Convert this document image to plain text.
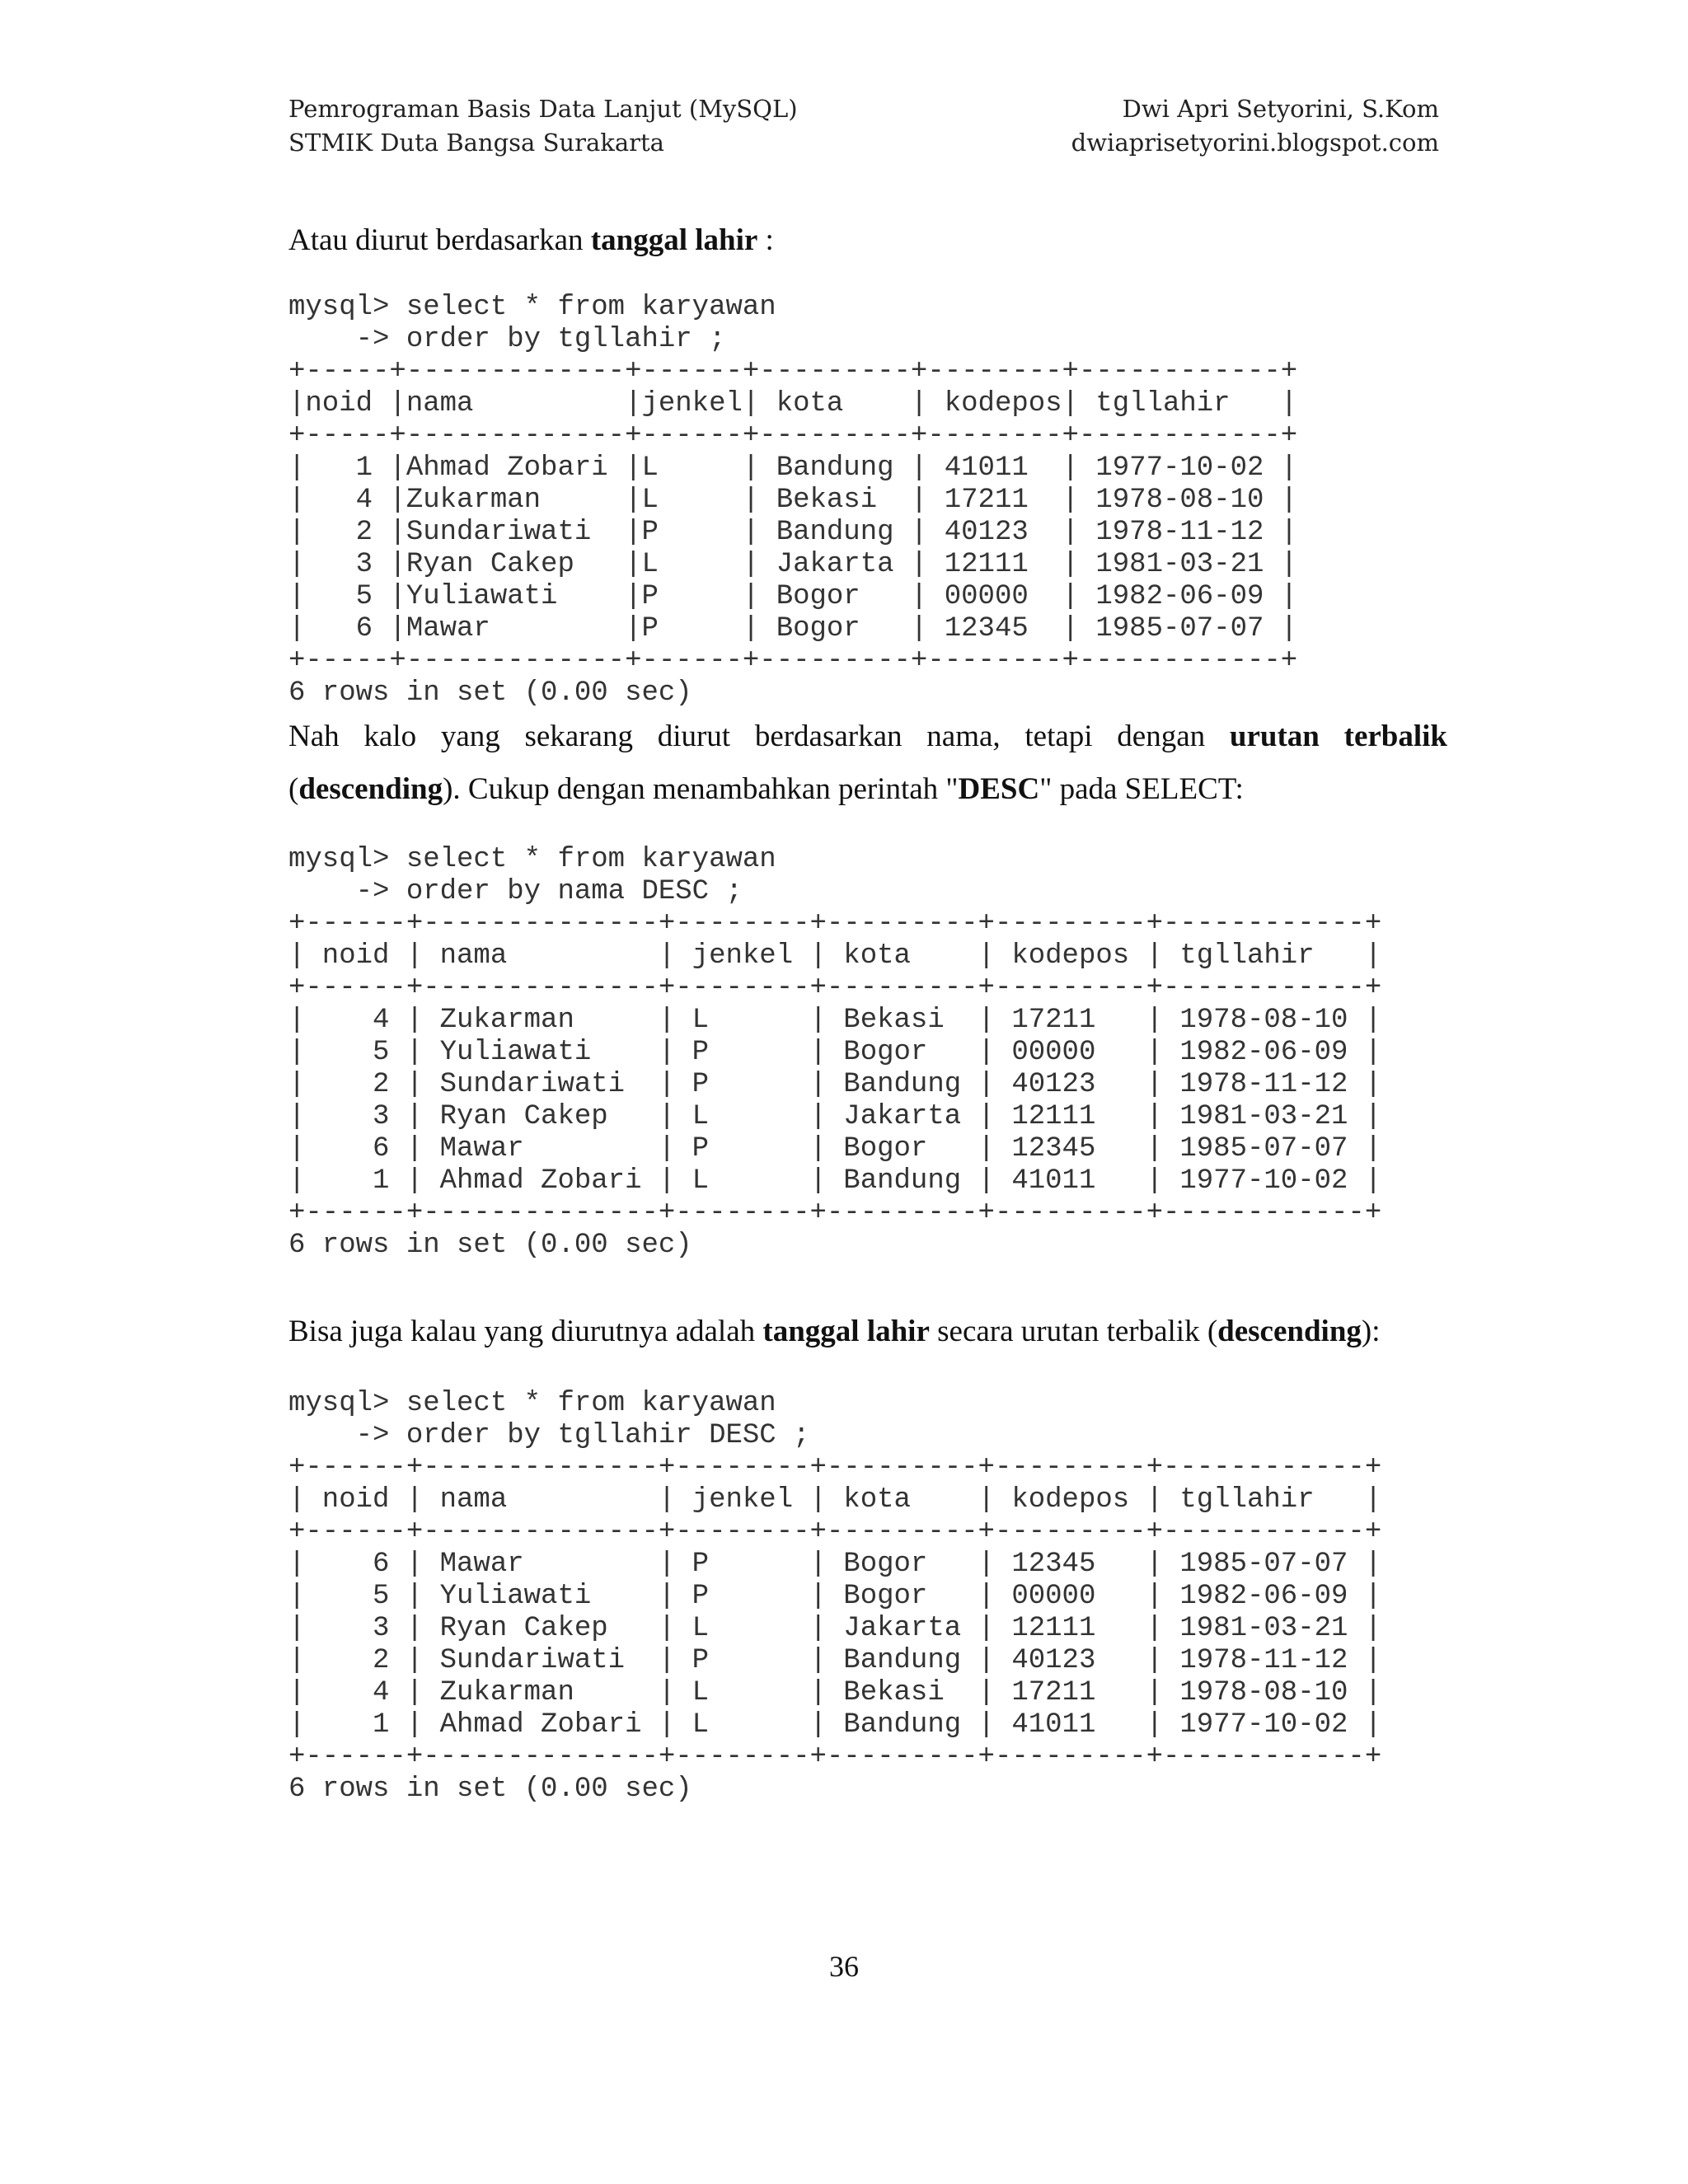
Pemrograman Basis Data Lanjut (MySQL)
STMIK Duta Bangsa Surakarta
Dwi Apri Setyorini, S.Kom
dwiaprisetyorini.blogspot.com

Atau diurut berdasarkan tanggal lahir :

mysql> select * from karyawan
-> order by tgllahir ;
+-----+-------------+------+---------+--------+------------+
|noid |nama         |jenkel| kota    | kodepos| tgllahir   |
+-----+-------------+------+---------+--------+------------+
|   1 |Ahmad Zobari |L     | Bandung | 41011  | 1977-10-02 |
|   4 |Zukarman     |L     | Bekasi  | 17211  | 1978-08-10 |
|   2 |Sundariwati  |P     | Bandung | 40123  | 1978-11-12 |
|   3 |Ryan Cakep   |L     | Jakarta | 12111  | 1981-03-21 |
|   5 |Yuliawati    |P     | Bogor   | 00000  | 1982-06-09 |
|   6 |Mawar        |P     | Bogor   | 12345  | 1985-07-07 |
+-----+-------------+------+---------+--------+------------+
6 rows in set (0.00 sec)

Nah kalo yang sekarang diurut berdasarkan nama, tetapi dengan urutan terbalik (descending). Cukup dengan menambahkan perintah "DESC" pada SELECT:

mysql> select * from karyawan
-> order by nama DESC ;
+------+--------------+--------+---------+---------+------------+
| noid | nama         | jenkel | kota    | kodepos | tgllahir   |
+------+--------------+--------+---------+---------+------------+
|    4 | Zukarman     | L      | Bekasi  | 17211   | 1978-08-10 |
|    5 | Yuliawati    | P      | Bogor   | 00000   | 1982-06-09 |
|    2 | Sundariwati  | P      | Bandung | 40123   | 1978-11-12 |
|    3 | Ryan Cakep   | L      | Jakarta | 12111   | 1981-03-21 |
|    6 | Mawar        | P      | Bogor   | 12345   | 1985-07-07 |
|    1 | Ahmad Zobari | L      | Bandung | 41011   | 1977-10-02 |
+------+--------------+--------+---------+---------+------------+
6 rows in set (0.00 sec)

Bisa juga kalau yang diurutnya adalah tanggal lahir secara urutan terbalik (descending):

mysql> select * from karyawan
-> order by tgllahir DESC ;
+------+--------------+--------+---------+---------+------------+
| noid | nama         | jenkel | kota    | kodepos | tgllahir   |
+------+--------------+--------+---------+---------+------------+
|    6 | Mawar        | P      | Bogor   | 12345   | 1985-07-07 |
|    5 | Yuliawati    | P      | Bogor   | 00000   | 1982-06-09 |
|    3 | Ryan Cakep   | L      | Jakarta | 12111   | 1981-03-21 |
|    2 | Sundariwati  | P      | Bandung | 40123   | 1978-11-12 |
|    4 | Zukarman     | L      | Bekasi  | 17211   | 1978-08-10 |
|    1 | Ahmad Zobari | L      | Bandung | 41011   | 1977-10-02 |
+------+--------------+--------+---------+---------+------------+
6 rows in set (0.00 sec)
36
